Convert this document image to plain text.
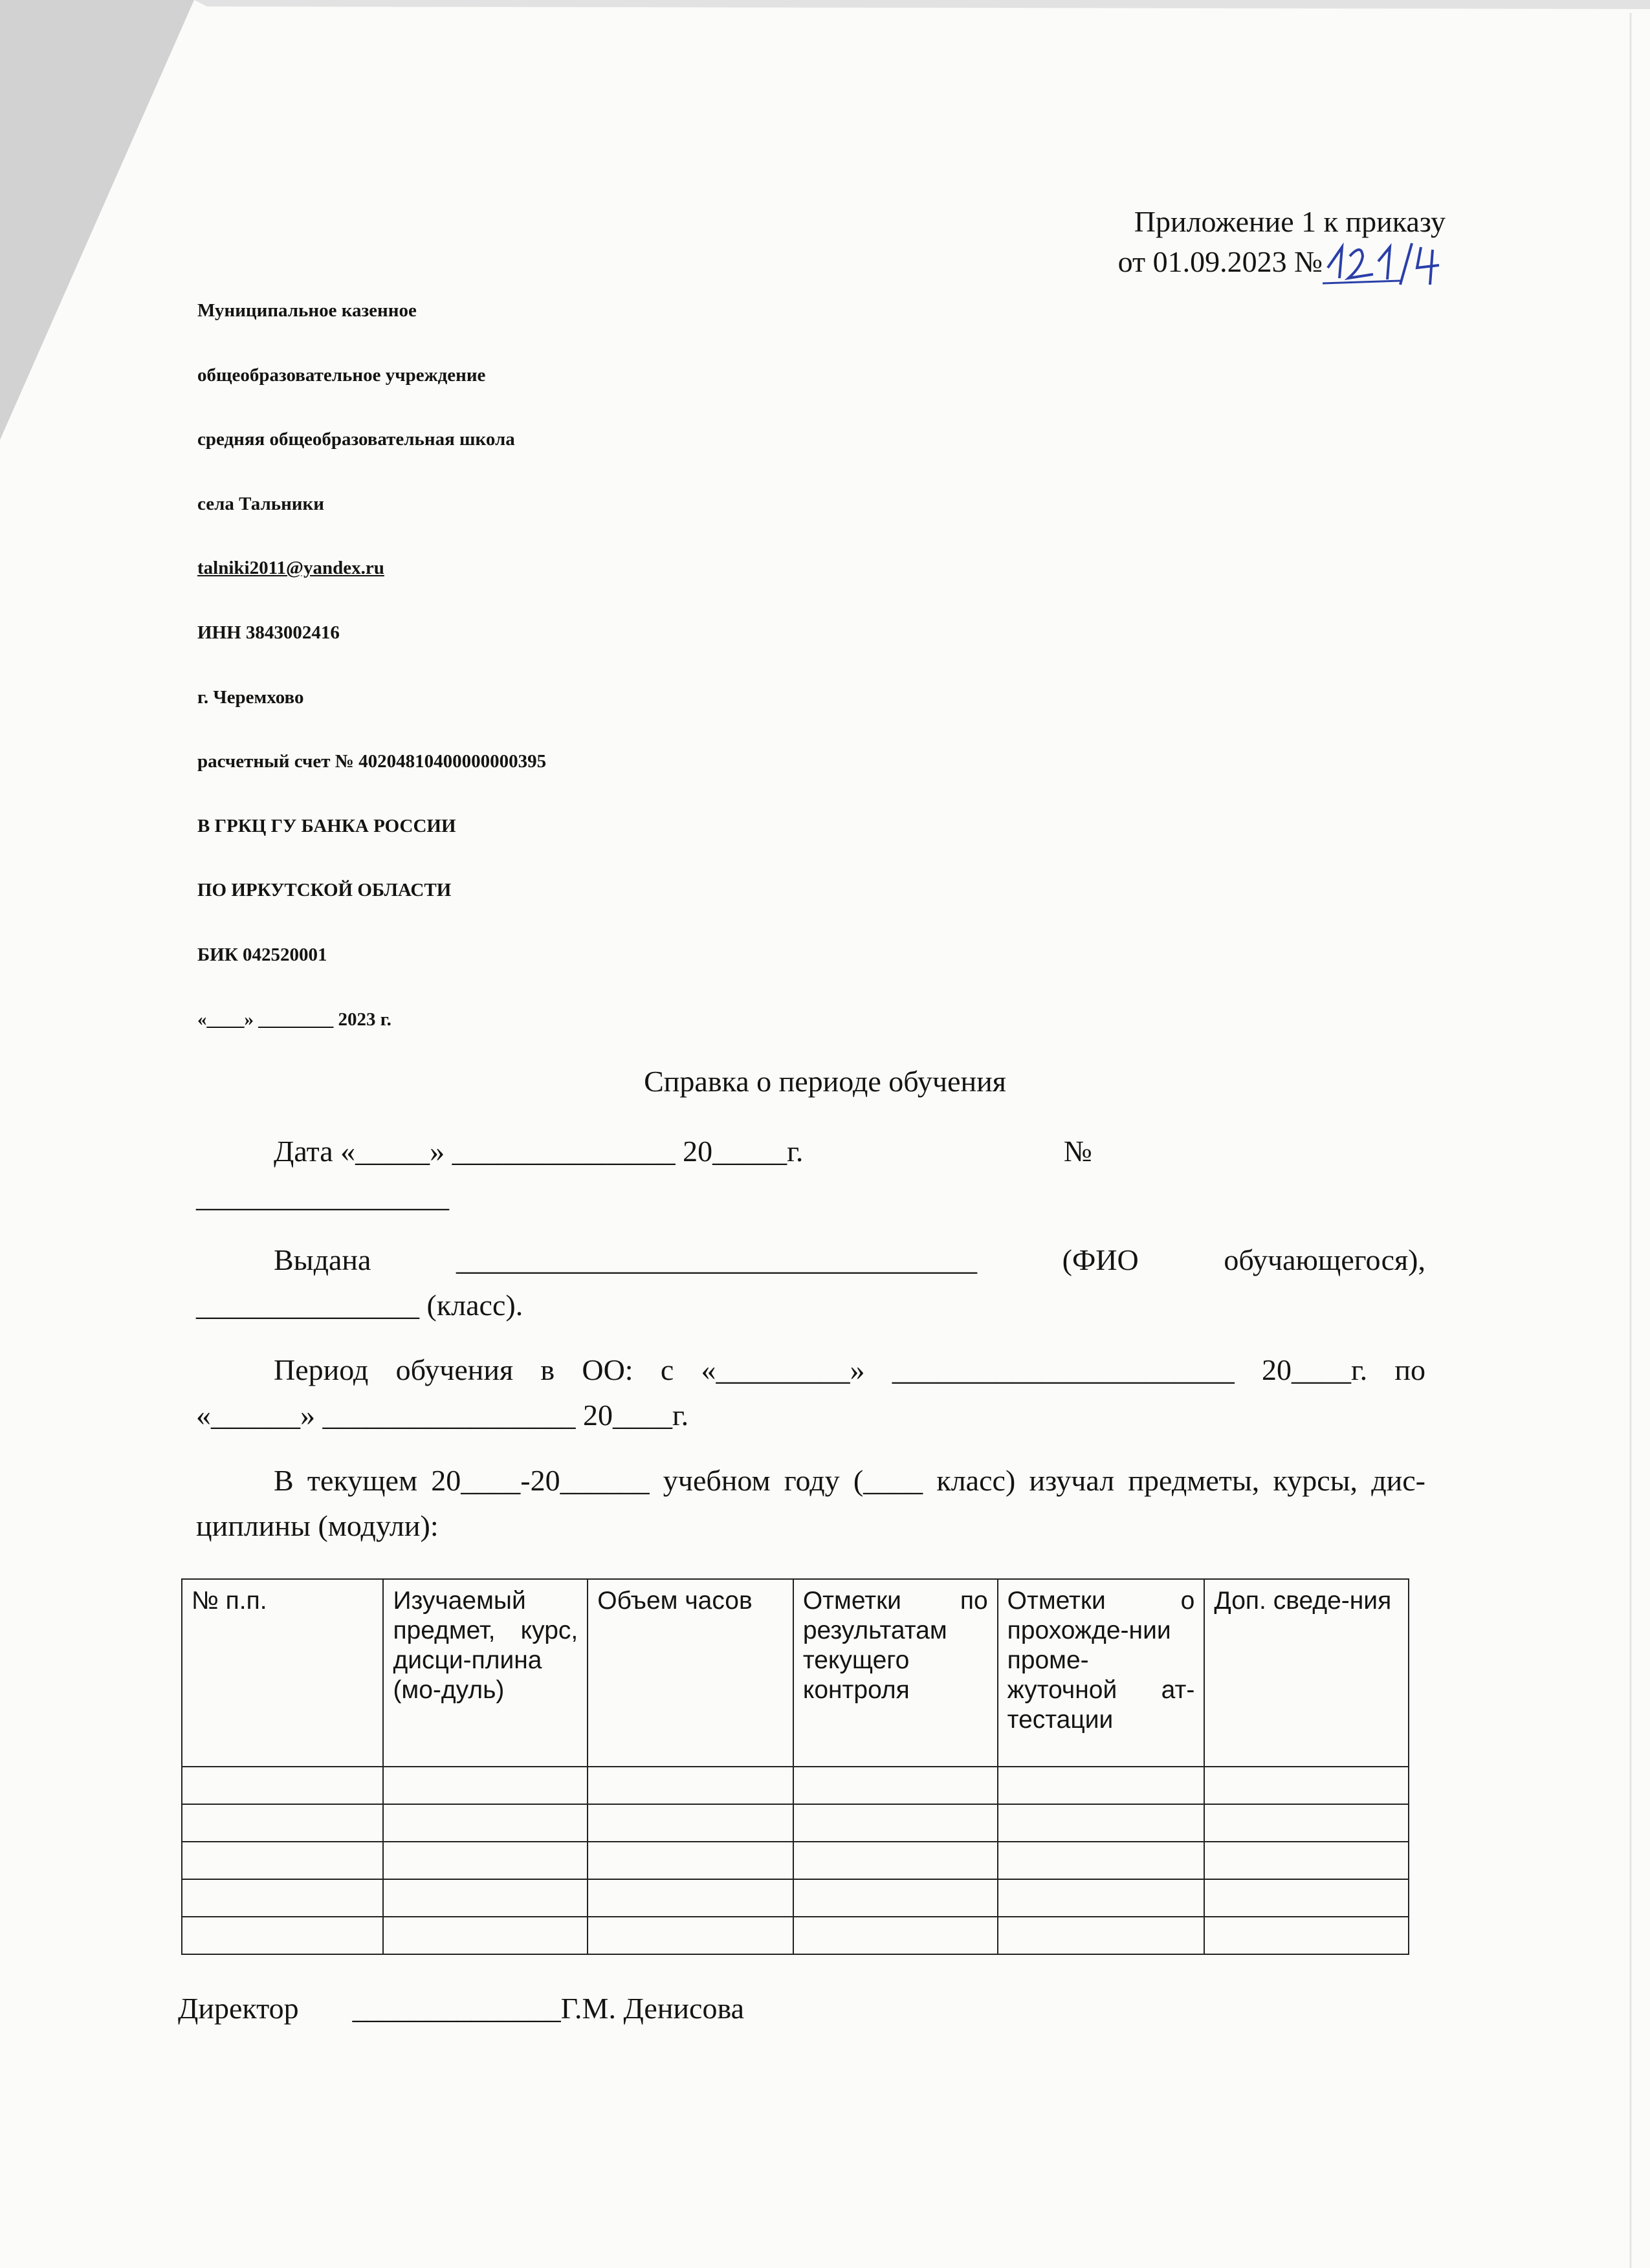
Приложение 1 к приказу
от 01.09.2023 №
Муниципальное казенное
общеобразовательное учреждение
средняя общеобразовательная школа
села Тальники
talniki2011@yandex.ru
ИНН 3843002416
г. Черемхово
расчетный счет № 40204810400000000395
В ГРКЦ ГУ БАНКА РОССИИ
ПО ИРКУТСКОЙ ОБЛАСТИ
БИК 042520001
«____» ________ 2023 г.
Справка о периоде обучения
Дата «_____» _______________ 20_____г.                                   №
_________________
Выдана ___________________________________ (ФИО обучающегося),
_______________ (класс).
Период обучения в ОО: с «_________» _______________________ 20____г. по
«______» _________________ 20____г.
В текущем 20____-20______ учебном году (____ класс) изучал предметы, курсы, дис-
циплины (модули):
№ п.п.	Изучаемый предмет, курс, дисци-плина (мо-дуль)	Объем часов	Отметки по результатам текущего контроля	Отметки о прохожде-нии проме-жуточной ат-тестации	Доп. сведе-ния

Директор ______________Г.М. Денисова
